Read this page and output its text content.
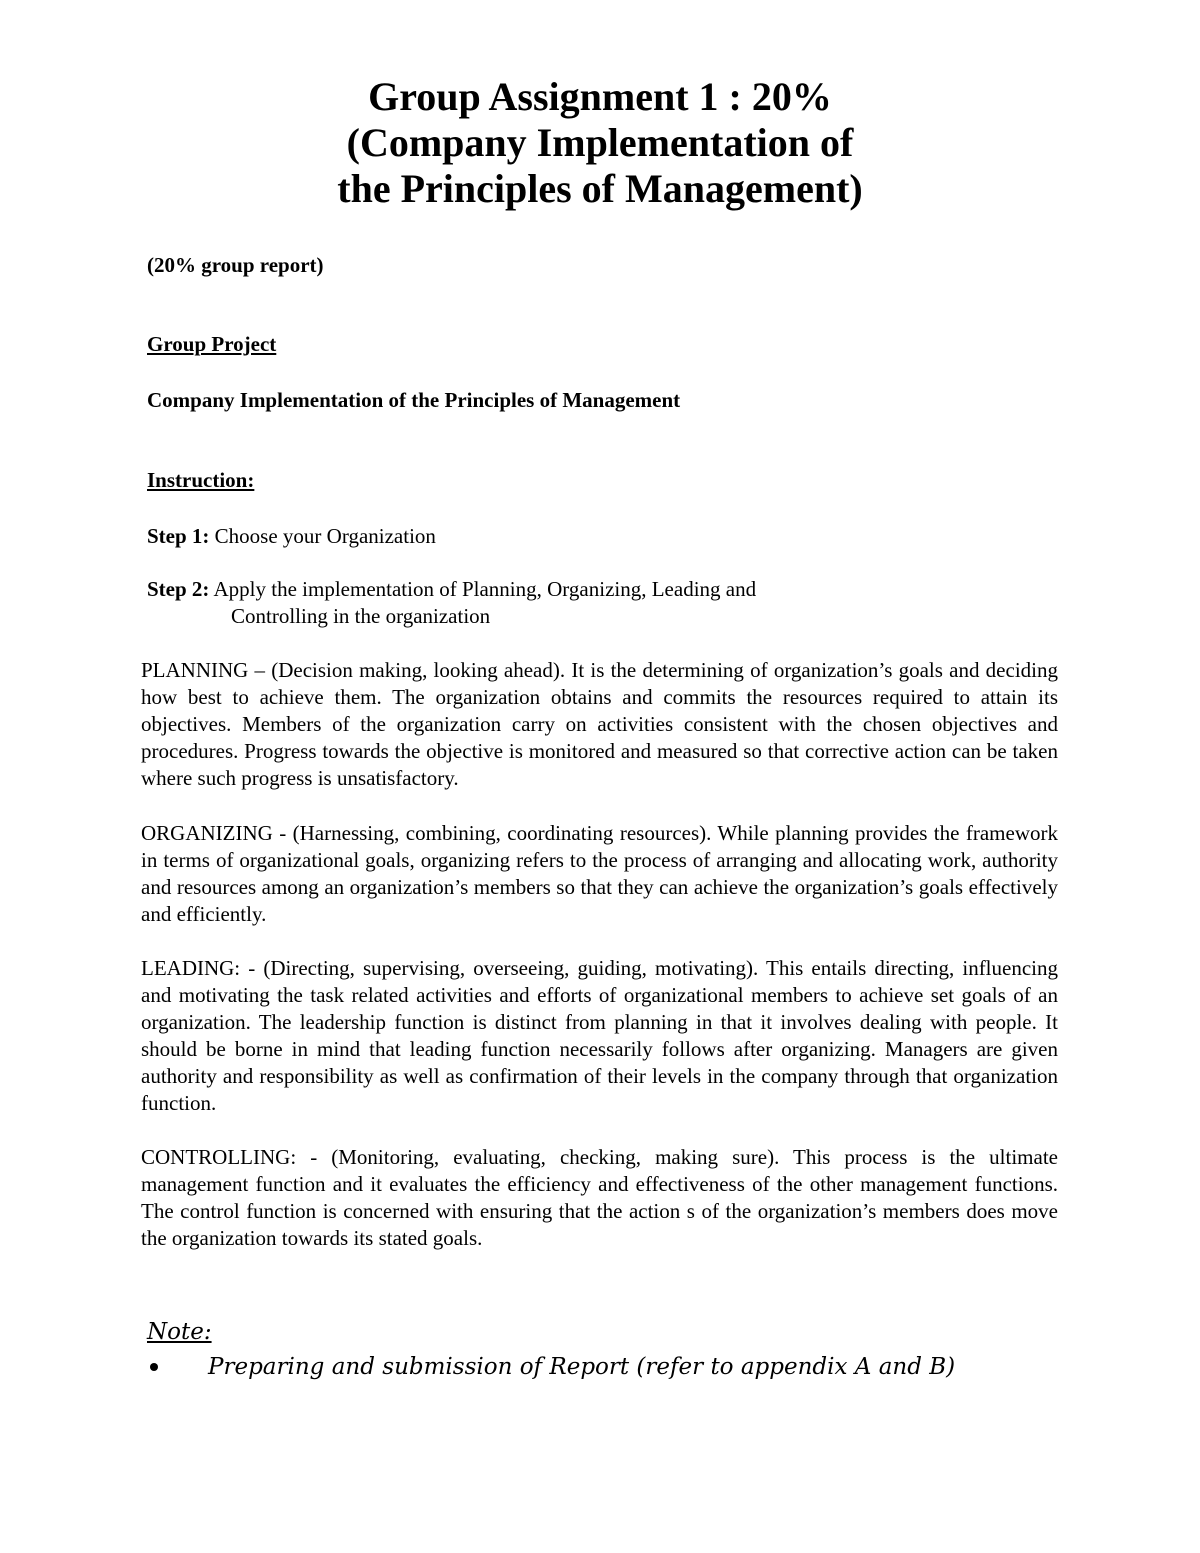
Group Assignment 1 : 20%
(Company Implementation of
the Principles of Management)
(20% group report)
Group Project
Company Implementation of the Principles of Management
Instruction:
Step 1: Choose your Organization
Step 2: Apply the implementation of Planning, Organizing, Leading and
Controlling in the organization
PLANNING – (Decision making, looking ahead). It is the determining of organization’s goals and deciding how best to achieve them. The organization obtains and commits the resources required to attain its objectives. Members of the organization carry on activities consistent with the chosen objectives and procedures. Progress towards the objective is monitored and measured so that corrective action can be taken where such progress is unsatisfactory.
ORGANIZING - (Harnessing, combining, coordinating resources). While planning provides the framework in terms of organizational goals, organizing refers to the process of arranging and allocating work, authority and resources among an organization’s members so that they can achieve the organization’s goals effectively and efficiently.
LEADING: - (Directing, supervising, overseeing, guiding, motivating). This entails directing, influencing and motivating the task related activities and efforts of organizational members to achieve set goals of an organization. The leadership function is distinct from planning in that it involves dealing with people. It should be borne in mind that leading function necessarily follows after organizing. Managers are given authority and responsibility as well as confirmation of their levels in the company through that organization function.
CONTROLLING: - (Monitoring, evaluating, checking, making sure). This process is the ultimate management function and it evaluates the efficiency and effectiveness of the other management functions. The control function is concerned with ensuring that the action s of the organization’s members does move the organization towards its stated goals.
Note:
Preparing and submission of Report (refer to appendix A and B)
